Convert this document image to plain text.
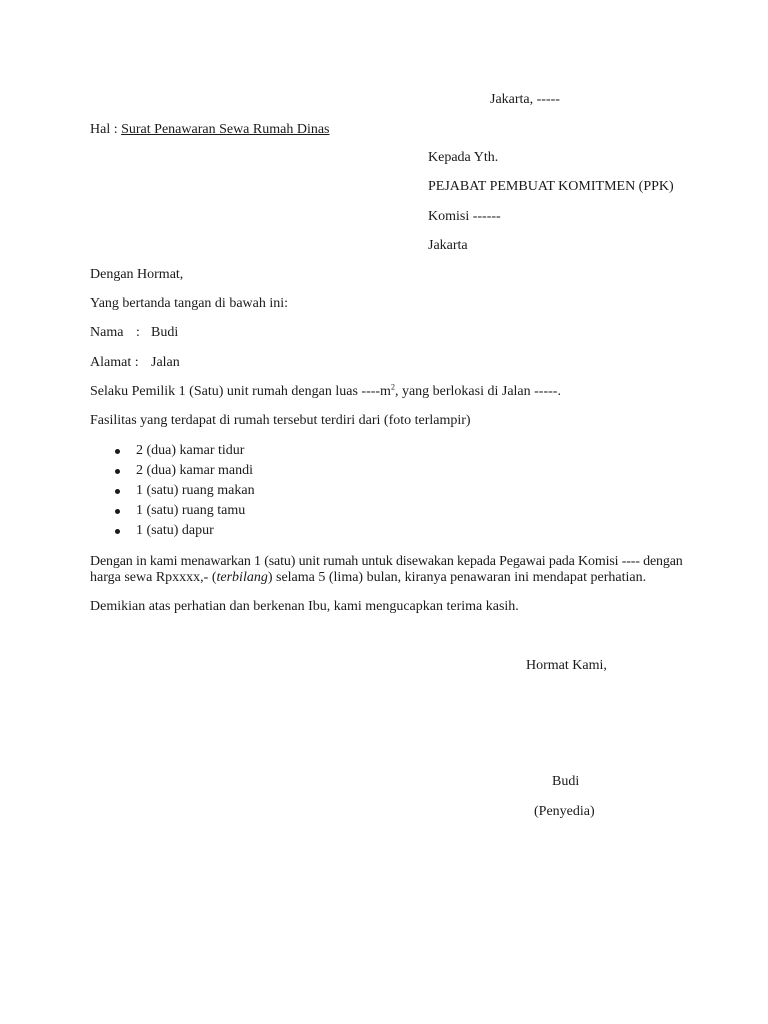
Jakarta, -----
Hal : Surat Penawaran Sewa Rumah Dinas
Kepada Yth.
PEJABAT PEMBUAT KOMITMEN (PPK)
Komisi ------
Jakarta
Dengan Hormat,
Yang bertanda tangan di bawah ini:
Nama : Budi
Alamat : Jalan
Selaku Pemilik 1 (Satu) unit rumah dengan luas $----m^2$, yang berlokasi di Jalan -----.
Fasilitas yang terdapat di rumah tersebut terdiri dari (foto terlampir)
2 (dua) kamar tidur
2 (dua) kamar mandi
1 (satu) ruang makan
1 (satu) ruang tamu
1 (satu) dapur
Dengan in kami menawarkan 1 (satu) unit rumah untuk disewakan kepada Pegawai pada Komisi ---- dengan
harga sewa Rpxxxx,- (terbilang) selama 5 (lima) bulan, kiranya penawaran ini mendapat perhatian.
Demikian atas perhatian dan berkenan Ibu, kami mengucapkan terima kasih.
Hormat Kami,
Budi
(Penyedia)
